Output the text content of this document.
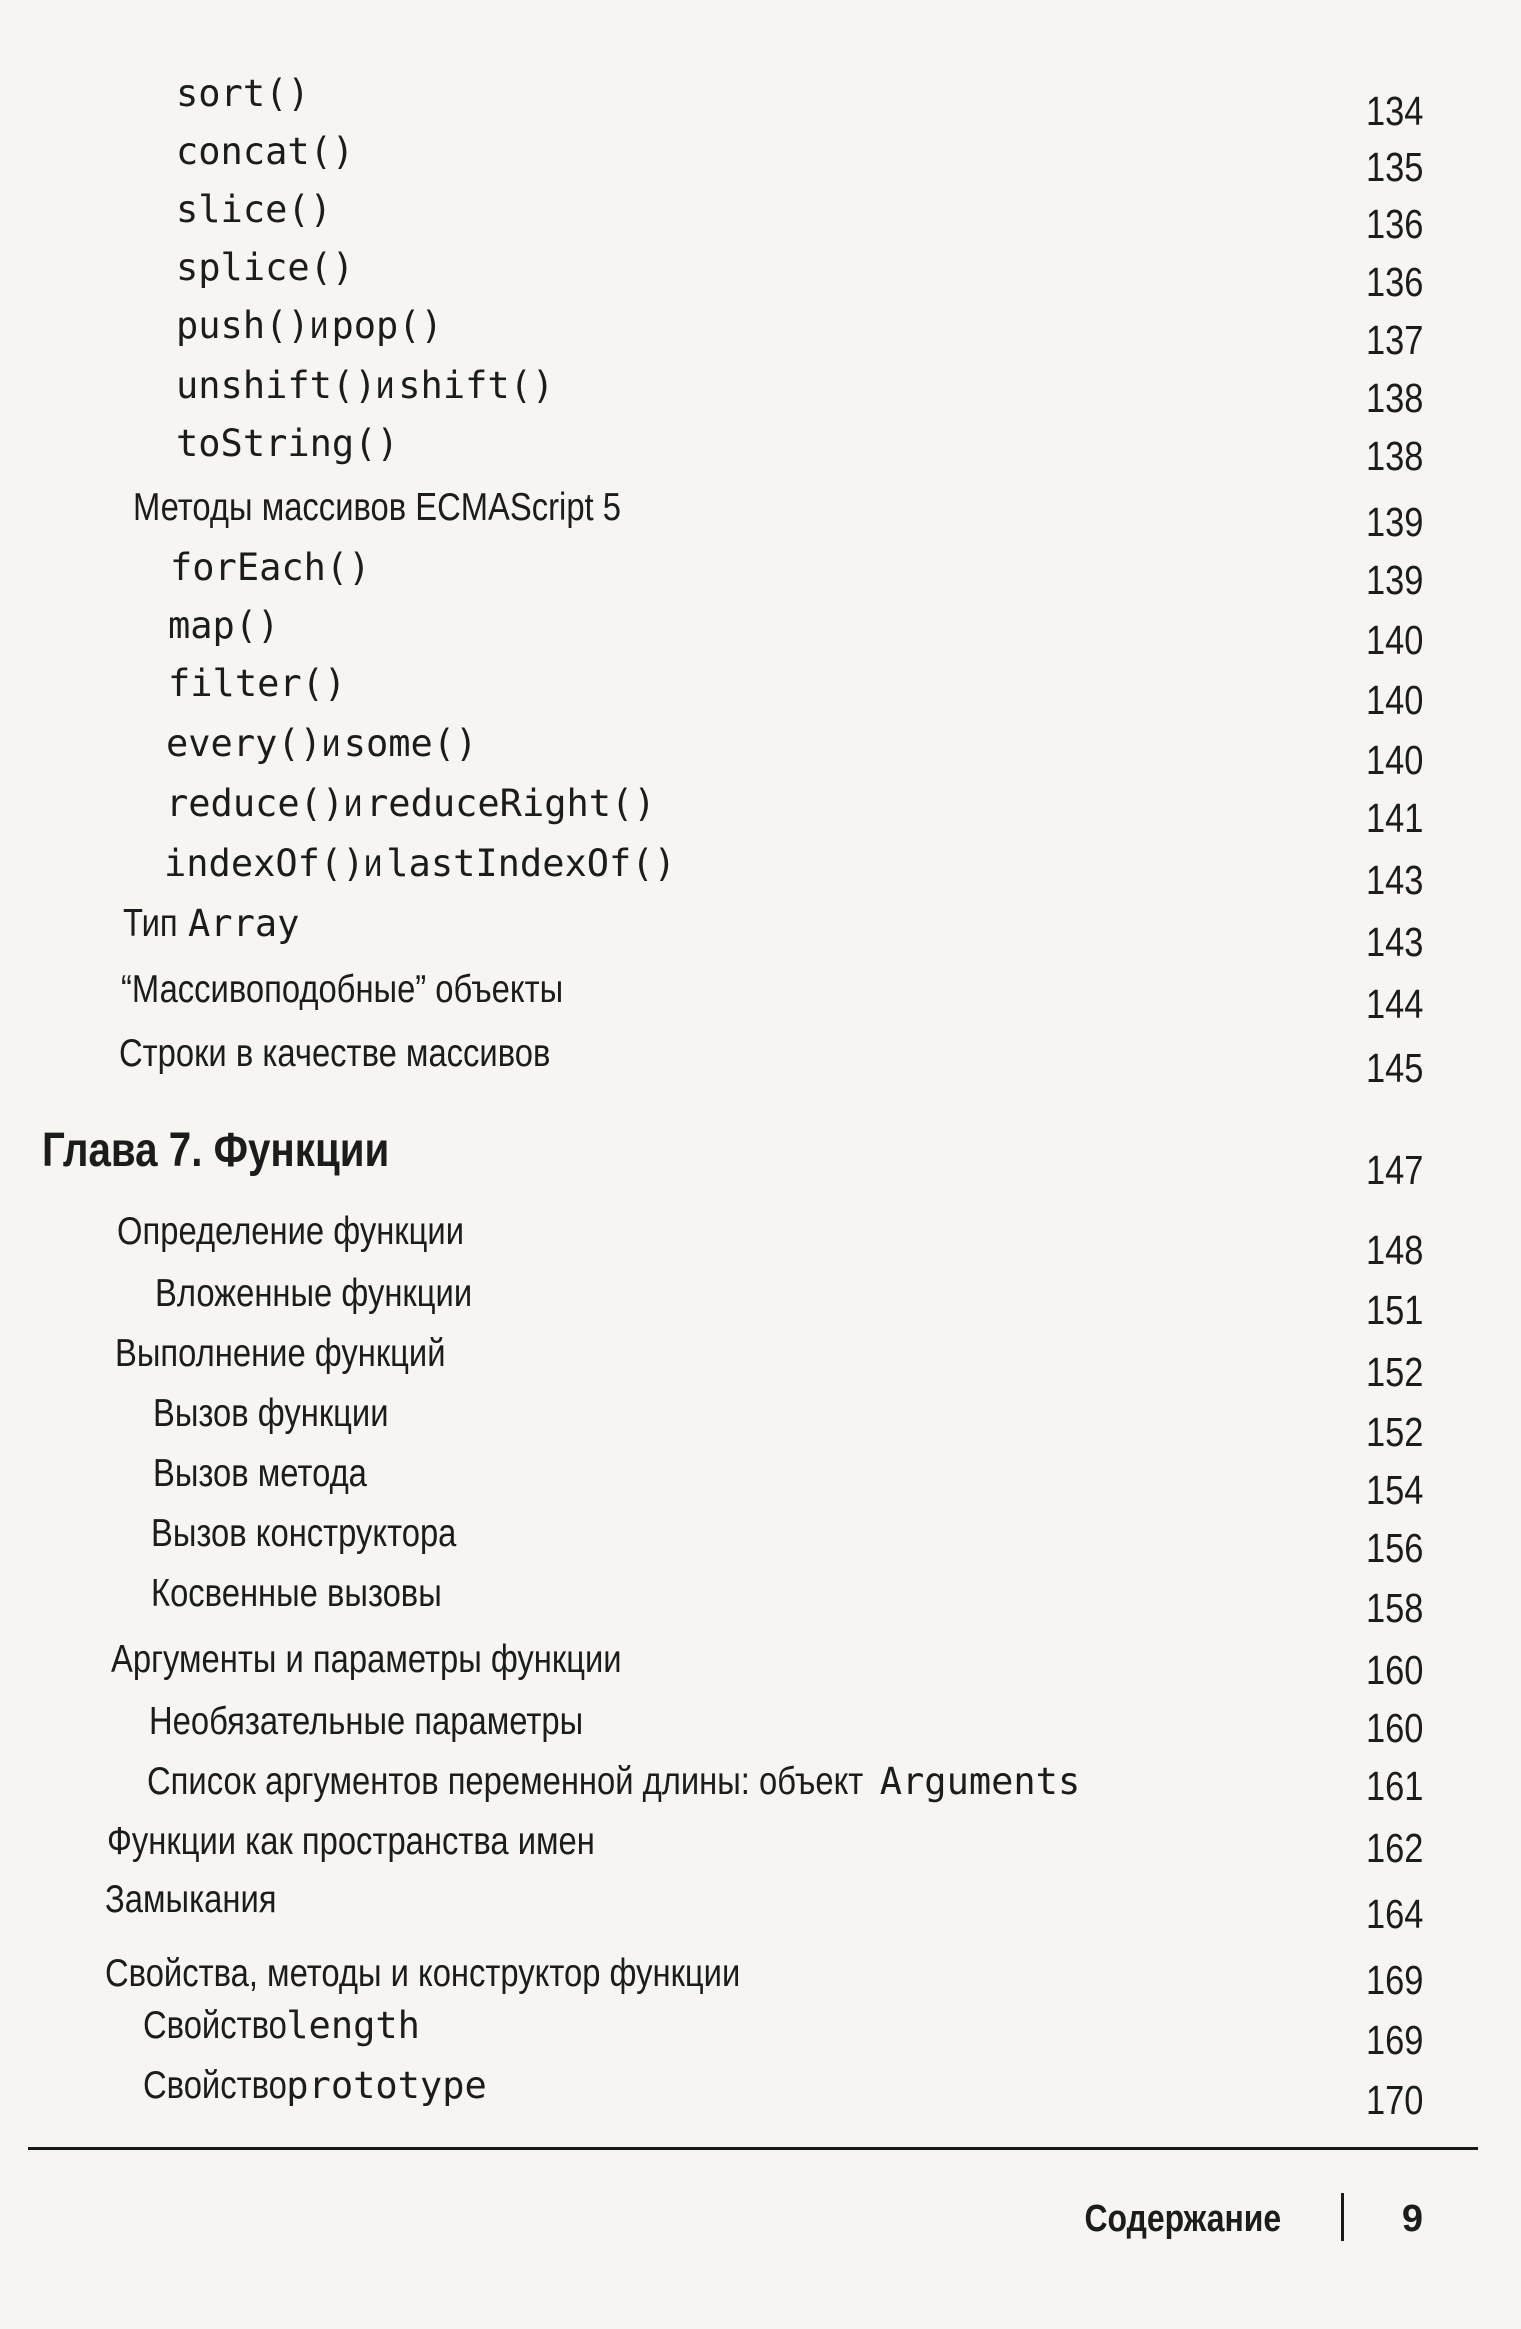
sort()	134
concat()	135
slice()	136
splice()	136
push()иpop()	137
unshift()иshift()	138
toString()	138
Методы массивов ECMAScript 5	139
forEach()	139
map()	140
filter()	140
every()иsome()	140
reduce()иreduceRight()	141
indexOf()иlastIndexOf()	143
ТипArray	143
“Массивоподобные” объекты	144
Строки в качестве массивов	145
Глава 7. Функции	147
Определение функции	148
Вложенные функции	151
Выполнение функций	152
Вызов функции	152
Вызов метода	154
Вызов конструктора	156
Косвенные вызовы	158
Аргументы и параметры функции	160
Необязательные параметры	160
Список аргументов переменной длины: объектArguments	161
Функции как пространства имен	162
Замыкания	164
Свойства, методы и конструктор функции	169
Свойствоlength	169
Свойствоprototype	170
Содержание	9
